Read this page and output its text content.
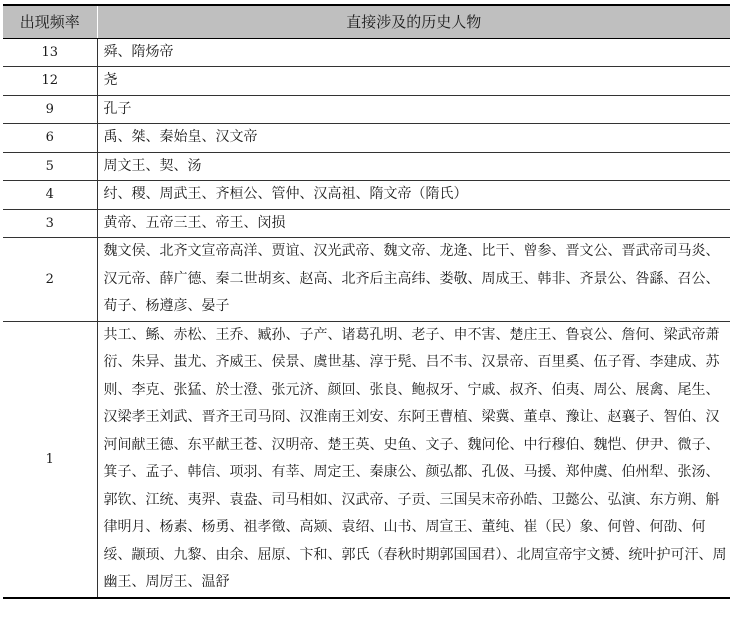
出现频率	直接涉及的历史人物
13	舜、隋炀帝
12	尧
9	孔子
6	禹、桀、秦始皇、汉文帝
5	周文王、契、汤
4	纣、稷、周武王、齐桓公、管仲、汉高祖、隋文帝（隋氏）
3	黄帝、五帝三王、帝王、闵损
2	魏文侯、北齐文宣帝高洋、贾谊、汉光武帝、魏文帝、龙逄、比干、曾参、晋文公、晋武帝司马炎、汉元帝、薛广德、秦二世胡亥、赵高、北齐后主高纬、娄敬、周成王、韩非、齐景公、咎繇、召公、荀子、杨遵彦、晏子
1	共工、鲧、赤松、王乔、臧孙、子产、诸葛孔明、老子、申不害、楚庄王、鲁哀公、詹何、梁武帝萧衍、朱异、蚩尤、齐威王、侯景、虞世基、淳于髡、吕不韦、汉景帝、百里奚、伍子胥、李建成、苏则、李克、张猛、於士澄、张元济、颜回、张良、鲍叔牙、宁戚、叔齐、伯夷、周公、展禽、尾生、汉梁孝王刘武、晋齐王司马冏、汉淮南王刘安、东阿王曹植、梁冀、董卓、豫让、赵襄子、智伯、汉河间献王德、东平献王苍、汉明帝、楚王英、史鱼、文子、魏问伦、中行穆伯、魏恺、伊尹、微子、箕子、孟子、韩信、项羽、有莘、周定王、秦康公、颜弘都、孔伋、马援、郑仲虞、伯州犁、张汤、郭钦、江统、夷羿、袁盎、司马相如、汉武帝、子贡、三国吴末帝孙皓、卫懿公、弘演、东方朔、斛律明月、杨素、杨勇、祖孝徵、高颎、袁绍、山书、周宣王、董纯、崔（民）象、何曾、何劭、何绥、颛顼、九黎、由余、屈原、卞和、郭氏（春秋时期郭国国君）、北周宣帝宇文赟、统叶护可汗、周幽王、周厉王、温舒
